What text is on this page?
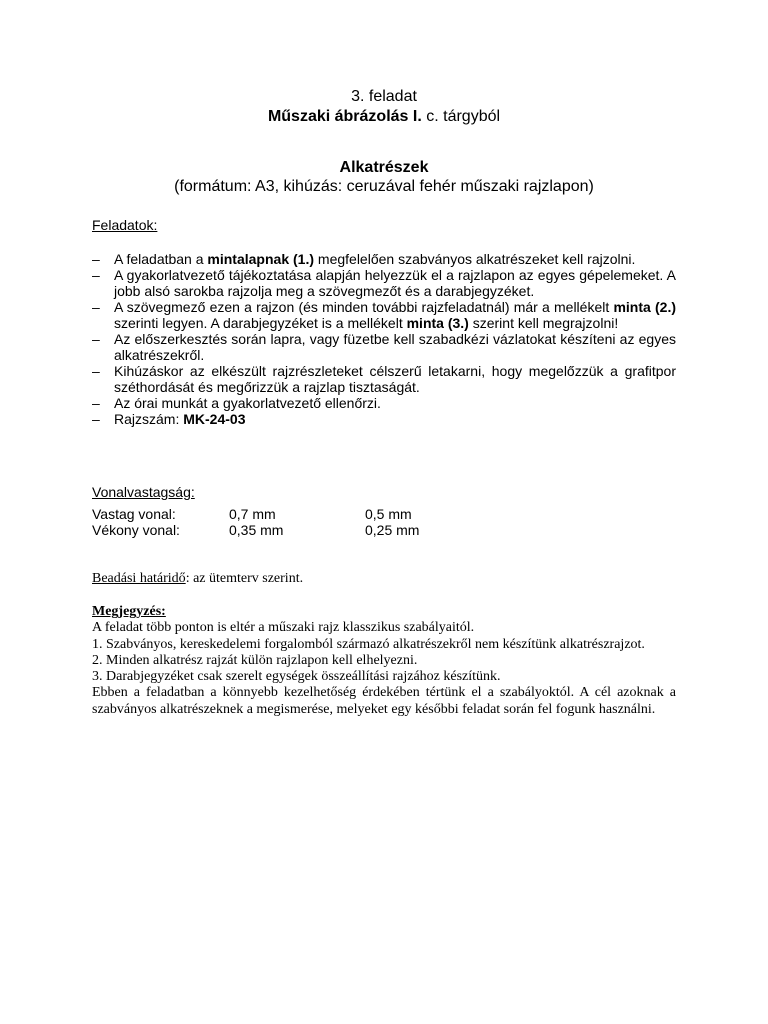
3. feladat
Műszaki ábrázolás I. c. tárgyból
Alkatrészek
(formátum: A3, kihúzás: ceruzával fehér műszaki rajzlapon)
Feladatok:
– A feladatban a mintalapnak (1.) megfelelően szabványos alkatrészeket kell rajzolni.
– A gyakorlatvezető tájékoztatása alapján helyezzük el a rajzlapon az egyes gépelemeket. A jobb alsó sarokba rajzolja meg a szövegmezőt és a darabjegyzéket.
– A szövegmező ezen a rajzon (és minden további rajzfeladatnál) már a mellékelt minta (2.) szerinti legyen. A darabjegyzéket is a mellékelt minta (3.) szerint kell megrajzolni!
– Az előszerkesztés során lapra, vagy füzetbe kell szabadkézi vázlatokat készíteni az egyes alkatrészekről.
– Kihúzáskor az elkészült rajzrészleteket célszerű letakarni, hogy megelőzzük a grafitpor széthordását és megőrizzük a rajzlap tisztaságát.
– Az órai munkát a gyakorlatvezető ellenőrzi.
– Rajzszám: MK-24-03
Vonalvastagság:
Vastag vonal:	0,7 mm	0,5 mm
Vékony vonal:	0,35 mm	0,25 mm
Beadási határidő: az ütemterv szerint.
Megjegyzés:

A feladat több ponton is eltér a műszaki rajz klasszikus szabályaitól.

1. Szabványos, kereskedelemi forgalomból származó alkatrészekről nem készítünk alkatrészrajzot.

2. Minden alkatrész rajzát külön rajzlapon kell elhelyezni.

3. Darabjegyzéket csak szerelt egységek összeállítási rajzához készítünk.

Ebben a feladatban a könnyebb kezelhetőség érdekében tértünk el a szabályoktól. A cél azoknak a szabványos alkatrészeknek a megismerése, melyeket egy későbbi feladat során fel fogunk használni.
